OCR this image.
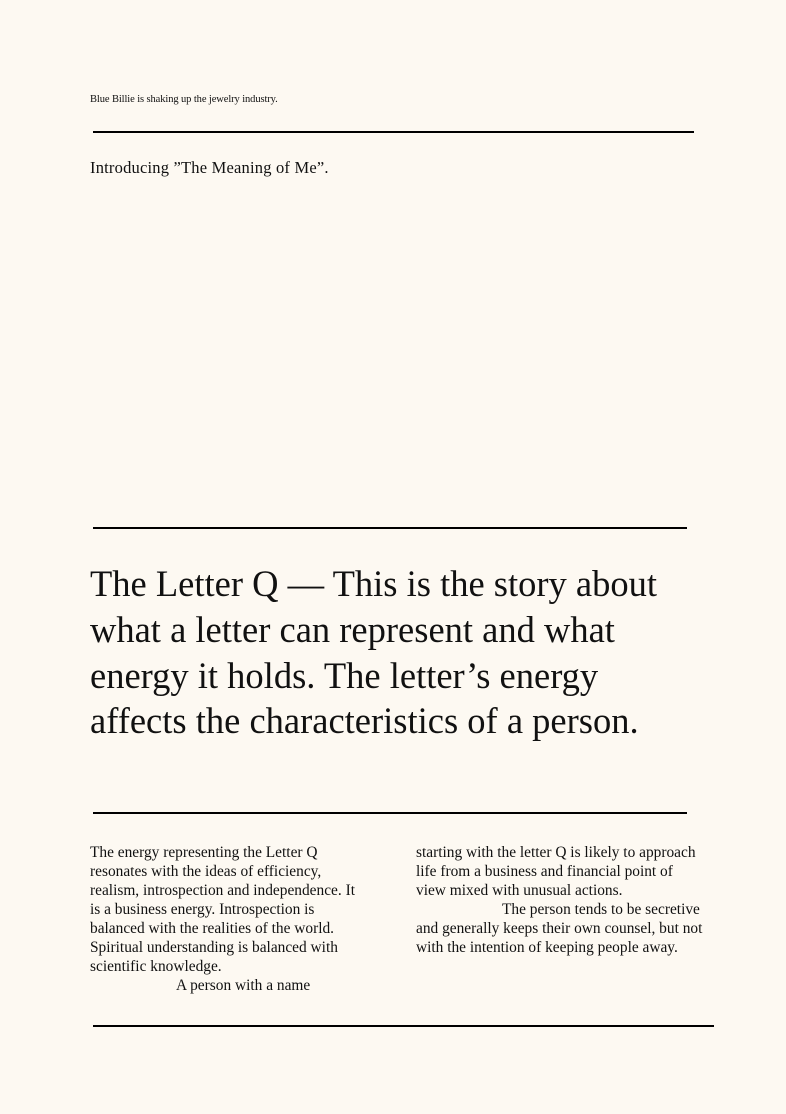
Blue Billie is shaking up the jewelry industry.
Introducing ”The Meaning of Me”.
The Letter Q — This is the story about what a letter can represent and what energy it holds. The letter’s energy affects the characteristics of a person.

The energy representing the Letter Q resonates with the ideas of efficiency, realism, introspection and independence. It is a business energy. Introspection is balanced with the realities of the world. Spiritual understanding is balanced with scientific knowledge.

A person with a name

starting with the letter Q is likely to approach life from a business and financial point of view mixed with unusual actions.

The person tends to be secretive and generally keeps their own counsel, but not with the intention of keeping people away.
